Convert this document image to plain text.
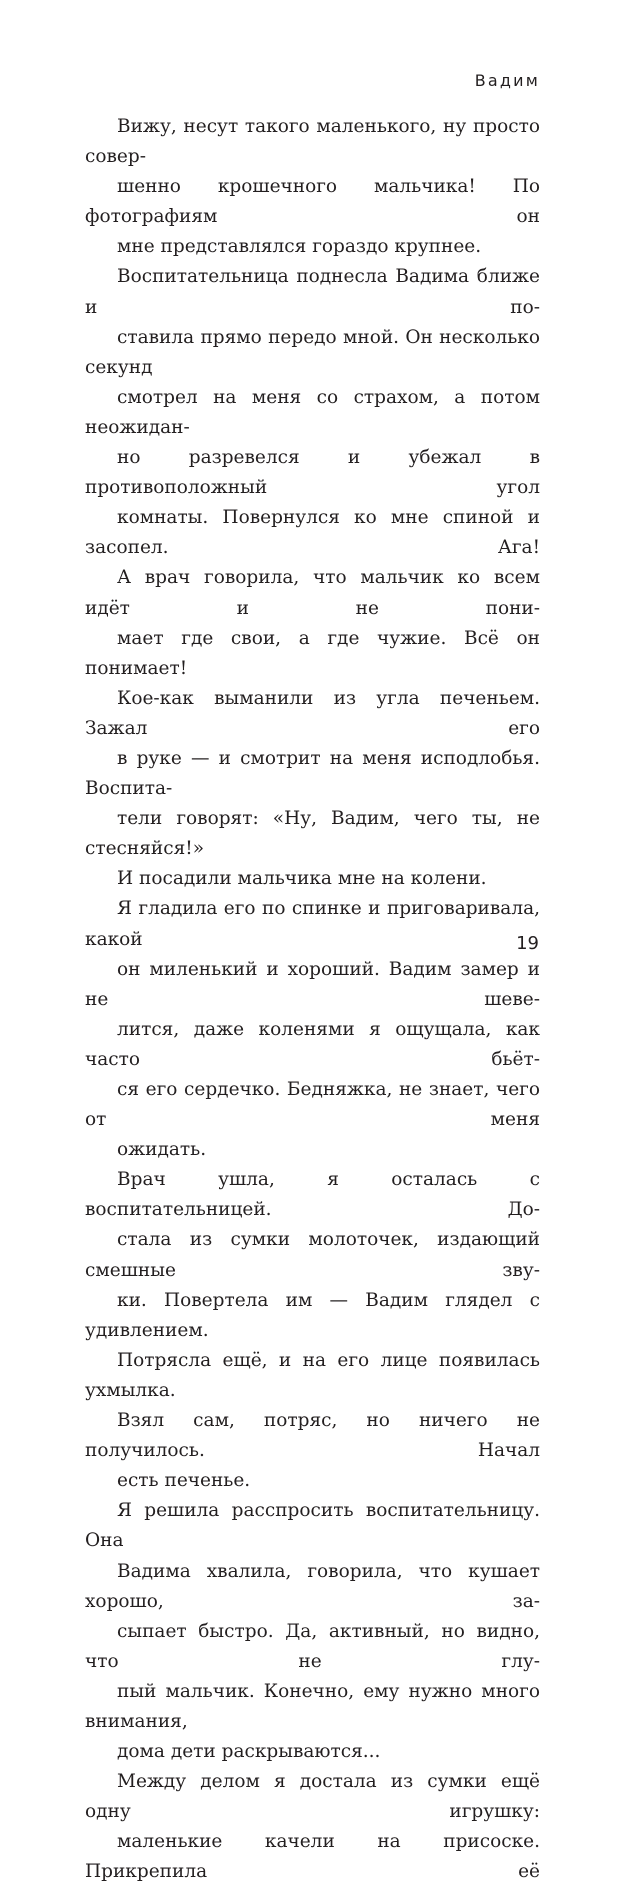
Вадим

Вижу, несут такого маленького, ну просто совер-
шенно крошечного мальчика! По фотографиям он
мне представлялся гораздо крупнее.

Воспитательница поднесла Вадима ближе и по-
ставила прямо передо мной. Он несколько секунд
смотрел на меня со страхом, а потом неожидан-
но разревелся и убежал в противоположный угол
комнаты. Повернулся ко мне спиной и засопел. Ага!
А врач говорила, что мальчик ко всем идёт и не пони-
мает где свои, а где чужие. Всё он понимает!

Кое-как выманили из угла печеньем. Зажал его
в руке — и смотрит на меня исподлобья. Воспита-
тели говорят: «Ну, Вадим, чего ты, не стесняйся!»
И посадили мальчика мне на колени.

Я гладила его по спинке и приговаривала, какой
он миленький и хороший. Вадим замер и не шеве-
лится, даже коленями я ощущала, как часто бьёт-
ся его сердечко. Бедняжка, не знает, чего от меня
ожидать.

Врач ушла, я осталась с воспитательницей. До-
стала из сумки молоточек, издающий смешные зву-
ки. Повертела им — Вадим глядел с удивлением.
Потрясла ещё, и на его лице появилась ухмылка.
Взял сам, потряс, но ничего не получилось. Начал
есть печенье.

Я решила расспросить воспитательницу. Она
Вадима хвалила, говорила, что кушает хорошо, за-
сыпает быстро. Да, активный, но видно, что не глу-
пый мальчик. Конечно, ему нужно много внимания,
дома дети раскрываются...

Между делом я достала из сумки ещё одну игрушку:
маленькие качели на присоске. Прикрепила её

19
